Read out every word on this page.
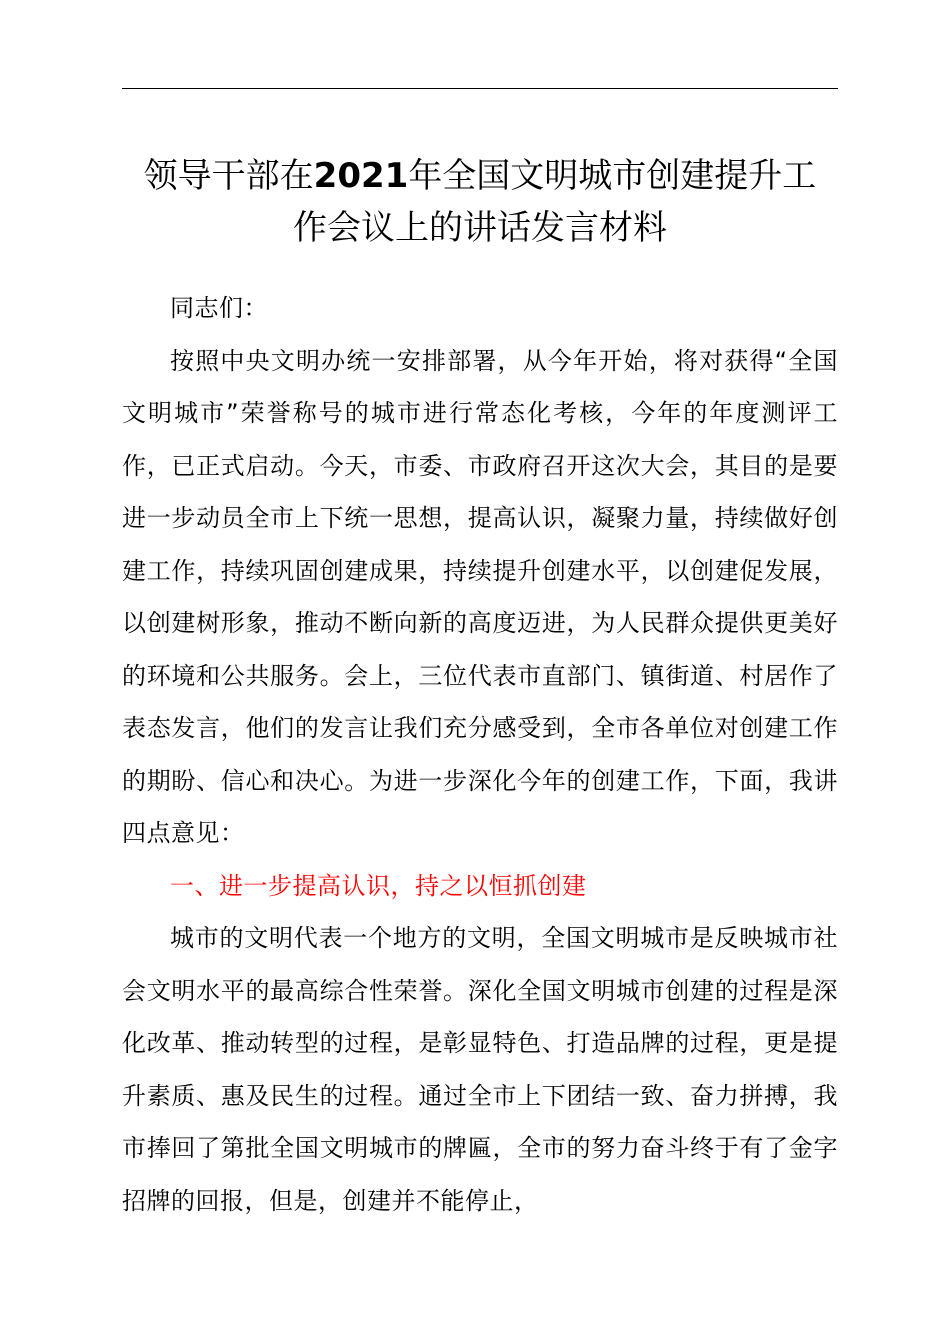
领导干部在2021年全国文明城市创建提升工
作会议上的讲话发言材料

同志们：

按照中央文明办统一安排部署，从今年开始，将对获得“全国文明城市”荣誉称号的城市进行常态化考核，今年的年度测评工作，已正式启动。今天，市委、市政府召开这次大会，其目的是要进一步动员全市上下统一思想，提高认识，凝聚力量，持续做好创建工作，持续巩固创建成果，持续提升创建水平，以创建促发展，以创建树形象，推动不断向新的高度迈进，为人民群众提供更美好的环境和公共服务。会上，三位代表市直部门、镇街道、村居作了表态发言，他们的发言让我们充分感受到，全市各单位对创建工作的期盼、信心和决心。为进一步深化今年的创建工作，下面，我讲四点意见：

一、进一步提高认识，持之以恒抓创建

城市的文明代表一个地方的文明，全国文明城市是反映城市社会文明水平的最高综合性荣誉。深化全国文明城市创建的过程是深化改革、推动转型的过程，是彰显特色、打造品牌的过程，更是提升素质、惠及民生的过程。通过全市上下团结一致、奋力拼搏，我市捧回了第批全国文明城市的牌匾，全市的努力奋斗终于有了金字招牌的回报，但是，创建并不能停止，
